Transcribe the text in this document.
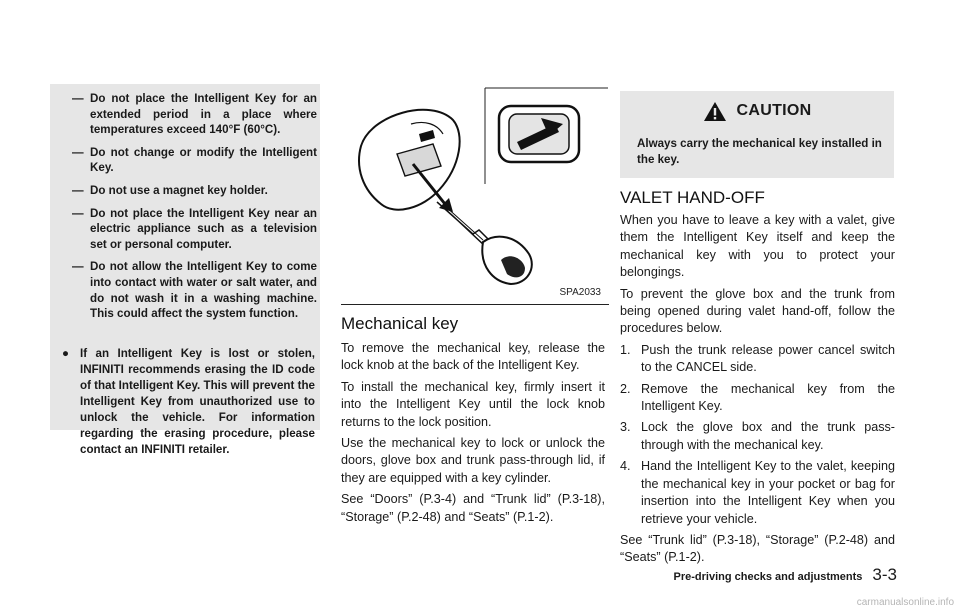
— Do not place the Intelligent Key for an extended period in a place where temperatures exceed 140°F (60°C).
— Do not change or modify the Intelligent Key.
— Do not use a magnet key holder.
— Do not place the Intelligent Key near an electric appliance such as a television set or personal computer.
— Do not allow the Intelligent Key to come into contact with water or salt water, and do not wash it in a washing machine. This could affect the system function.
● If an Intelligent Key is lost or stolen, INFINITI recommends erasing the ID code of that Intelligent Key. This will prevent the Intelligent Key from unauthorized use to unlock the vehicle. For information regarding the erasing procedure, please contact an INFINITI retailer.
SPA2033
Mechanical key

To remove the mechanical key, release the lock knob at the back of the Intelligent Key.

To install the mechanical key, firmly insert it into the Intelligent Key until the lock knob returns to the lock position.

Use the mechanical key to lock or unlock the doors, glove box and trunk pass-through lid, if they are equipped with a key cylinder.

See “Doors” (P.3-4) and “Trunk lid” (P.3-18), “Storage” (P.2-48) and “Seats” (P.1-2).

CAUTION
Always carry the mechanical key installed in the key.
VALET HAND-OFF

When you have to leave a key with a valet, give them the Intelligent Key itself and keep the mechanical key with you to protect your belongings.

To prevent the glove box and the trunk from being opened during valet hand-off, follow the procedures below.

1. Push the trunk release power cancel switch to the CANCEL side.
2. Remove the mechanical key from the Intelligent Key.
3. Lock the glove box and the trunk pass-through with the mechanical key.
4. Hand the Intelligent Key to the valet, keeping the mechanical key in your pocket or bag for insertion into the Intelligent Key when you retrieve your vehicle.

See “Trunk lid” (P.3-18), “Storage” (P.2-48) and “Seats” (P.1-2).

Pre-driving checks and adjustments 3-3
carmanualsonline.info
